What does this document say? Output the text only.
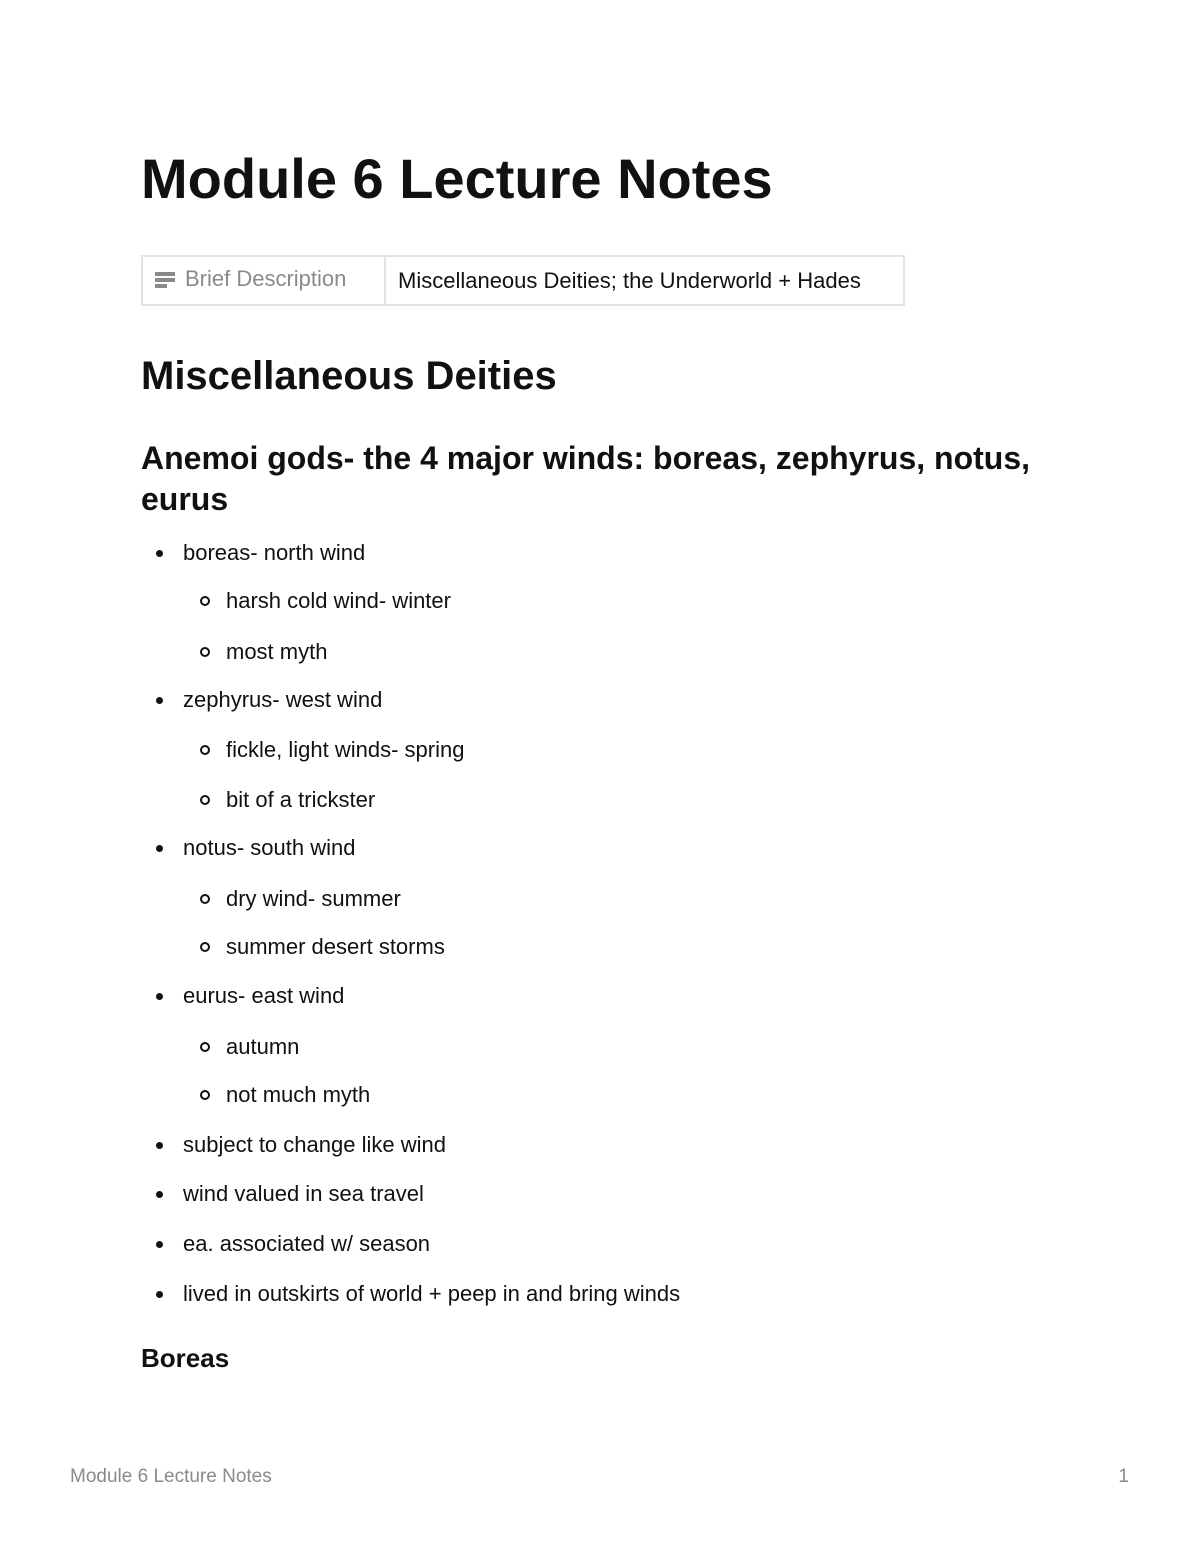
Module 6 Lecture Notes
Brief Description	Miscellaneous Deities; the Underworld + Hades
Miscellaneous Deities
Anemoi gods- the 4 major winds: boreas, zephyrus, notus, eurus
boreas- north wind
harsh cold wind- winter
most myth
zephyrus- west wind
fickle, light winds- spring
bit of a trickster
notus- south wind
dry wind- summer
summer desert storms
eurus- east wind
autumn
not much myth
subject to change like wind
wind valued in sea travel
ea. associated w/ season
lived in outskirts of world + peep in and bring winds
Boreas
Module 6 Lecture Notes	1
